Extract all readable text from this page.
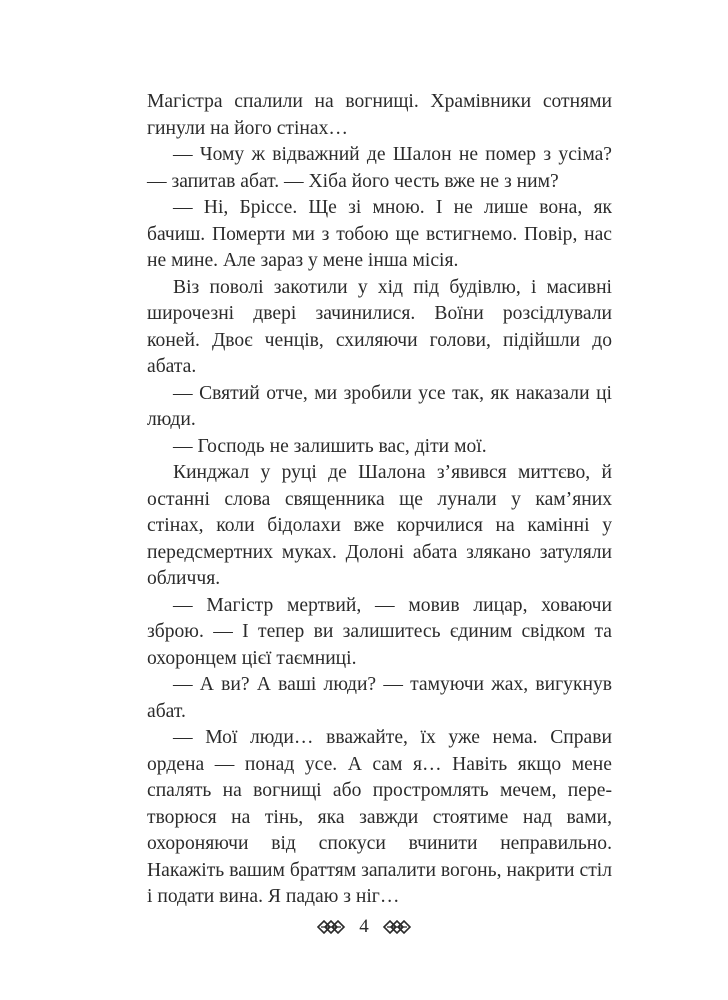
Магістра спалили на вогнищі. Храмівники сотнями гинули на його стінах…

— Чому ж відважний де Шалон не помер з усіма? — запитав абат. — Хіба його честь вже не з ним?

— Ні, Бріссе. Ще зі мною. І не лише вона, як бачиш. Померти ми з тобою ще встигнемо. Повір, нас не мине. Але зараз у мене інша місія.

Віз поволі закотили у хід під будівлю, і масивні широчезні двері зачинилися. Воїни розсідлували коней. Двоє ченців, схиляючи голови, підійшли до абата.

— Святий отче, ми зробили усе так, як наказали ці люди.

— Господь не залишить вас, діти мої.

Кинджал у руці де Шалона з’явився миттєво, й останні слова священника ще лунали у кам’яних стінах, коли бідолахи вже корчилися на камінні у передсмертних муках. Долоні абата злякано затуляли обличчя.

— Магістр мертвий, — мовив лицар, ховаючи зброю. — І тепер ви залишитесь єдиним свідком та охоронцем цієї таємниці.

— А ви? А ваші люди? — тамуючи жах, вигукнув абат.

— Мої люди… вважайте, їх уже нема. Справи ордена — понад усе. А сам я… Навіть якщо мене спалять на вогнищі або простромлять мечем, перетворюся на тінь, яка завжди стоятиме над вами, охороняючи від спокуси вчинити неправильно. Накажіть вашим браттям запалити вогонь, накрити стіл і подати вина. Я падаю з ніг…

4
